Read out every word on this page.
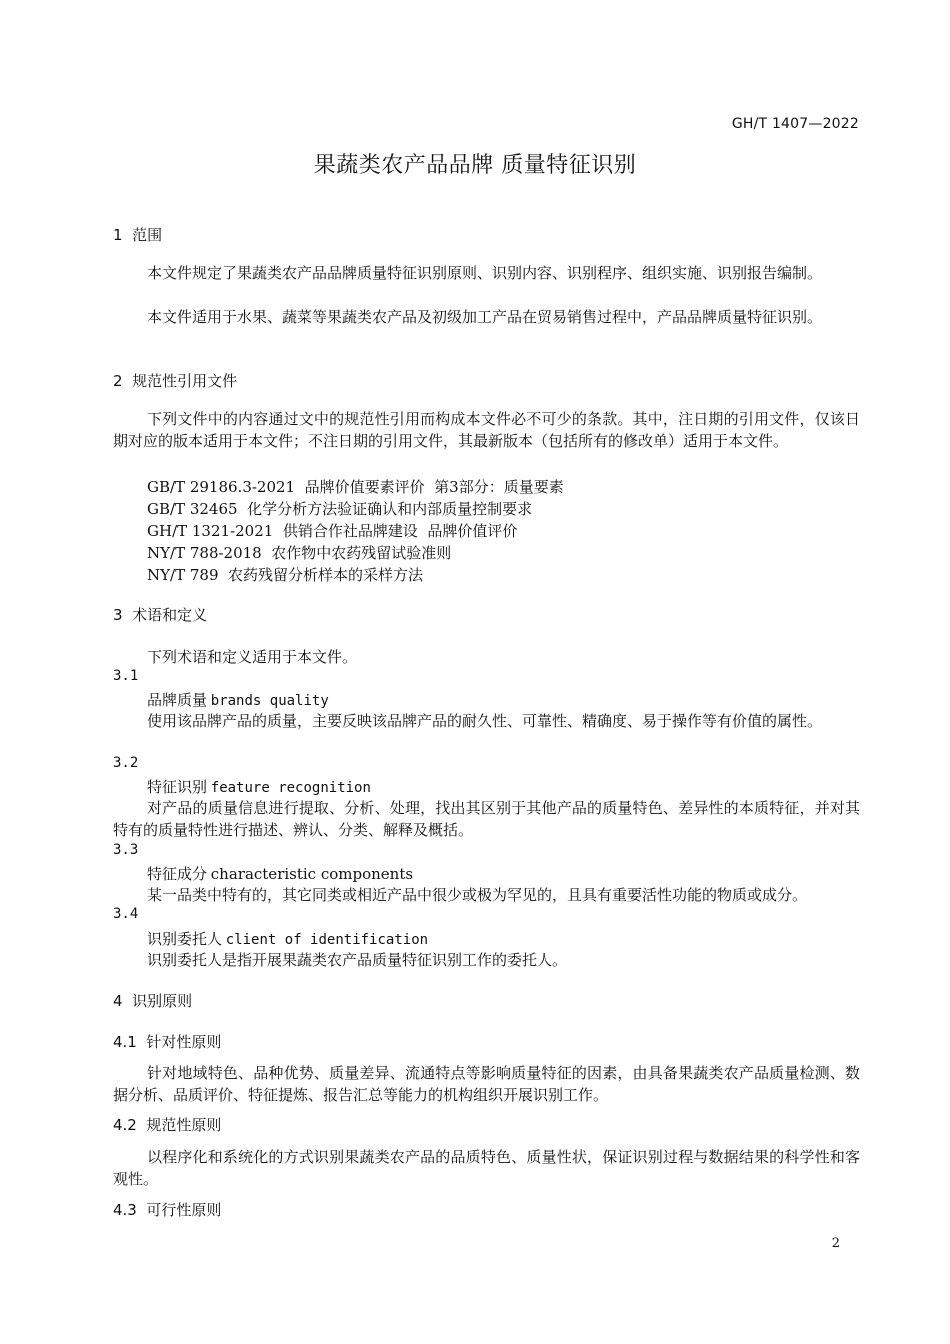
GH/T 1407—2022
果蔬类农产品品牌 质量特征识别
1  范围
本文件规定了果蔬类农产品品牌质量特征识别原则、识别内容、识别程序、组织实施、识别报告编制。
本文件适用于水果、蔬菜等果蔬类农产品及初级加工产品在贸易销售过程中，产品品牌质量特征识别。
2  规范性引用文件
下列文件中的内容通过文中的规范性引用而构成本文件必不可少的条款。其中，注日期的引用文件，仅该日期对应的版本适用于本文件；不注日期的引用文件，其最新版本（包括所有的修改单）适用于本文件。
GB/T 29186.3-2021  品牌价值要素评价  第3部分：质量要素
GB/T 32465  化学分析方法验证确认和内部质量控制要求
GH/T 1321-2021  供销合作社品牌建设  品牌价值评价
NY/T 788-2018  农作物中农药残留试验准则
NY/T 789  农药残留分析样本的采样方法
3  术语和定义
下列术语和定义适用于本文件。
3.1
品牌质量 brands quality
使用该品牌产品的质量，主要反映该品牌产品的耐久性、可靠性、精确度、易于操作等有价值的属性。
3.2
特征识别 feature recognition
对产品的质量信息进行提取、分析、处理，找出其区别于其他产品的质量特色、差异性的本质特征，并对其特有的质量特性进行描述、辨认、分类、解释及概括。
3.3
特征成分 characteristic components
某一品类中特有的，其它同类或相近产品中很少或极为罕见的，且具有重要活性功能的物质或成分。
3.4
识别委托人 client of identification
识别委托人是指开展果蔬类农产品质量特征识别工作的委托人。
4  识别原则
4.1  针对性原则
针对地域特色、品种优势、质量差异、流通特点等影响质量特征的因素，由具备果蔬类农产品质量检测、数据分析、品质评价、特征提炼、报告汇总等能力的机构组织开展识别工作。
4.2  规范性原则
以程序化和系统化的方式识别果蔬类农产品的品质特色、质量性状，保证识别过程与数据结果的科学性和客观性。
4.3  可行性原则
2
